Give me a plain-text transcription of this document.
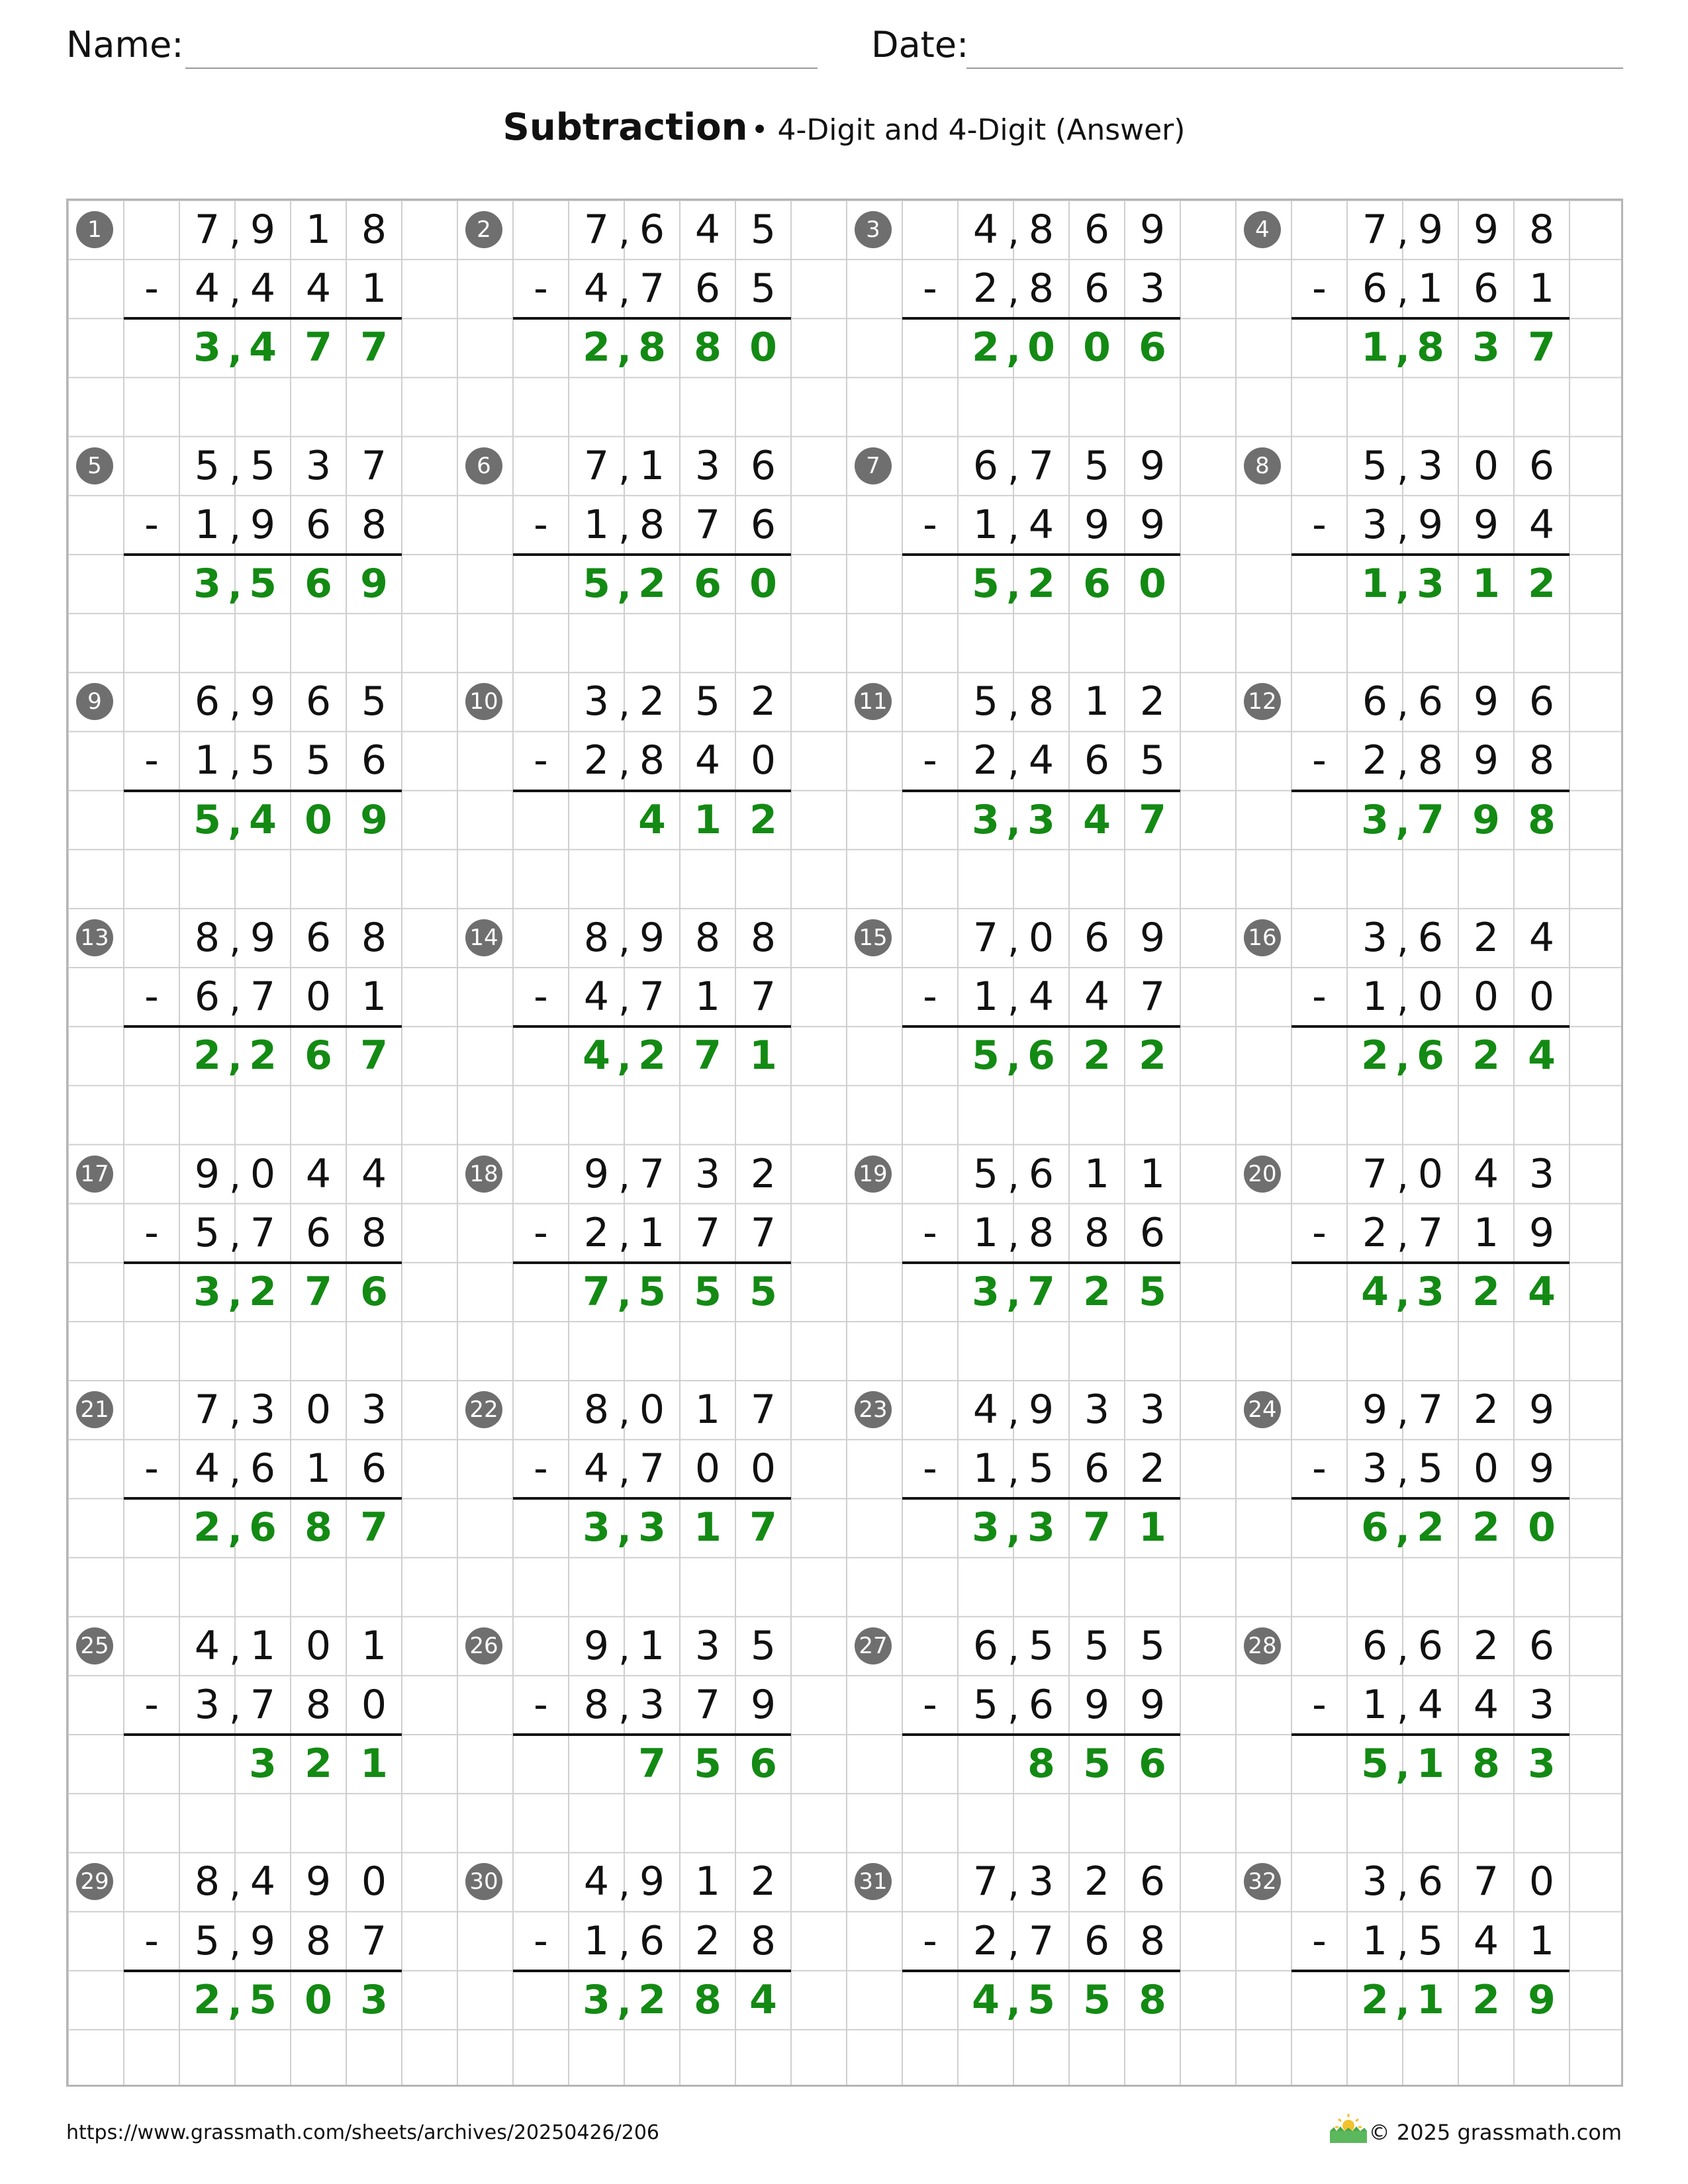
Name:	Date:
Subtraction • 4-Digit and 4-Digit (Answer)
1	7 9 1 8
,
- 4 4 4 1
,
3 4 7 7
,
2	7 6 4 5
,
- 4 7 6 5
,
2 8 8 0
,
3	4 8 6 9
,
- 2 8 6 3
,
2 0 0 6
,
4	7 9 9 8
,
- 6 1 6 1
,
1 8 3 7
,
5	5 5 3 7
,
- 1 9 6 8
,
3 5 6 9
,
6	7 1 3 6
,
- 1 8 7 6
,
5 2 6 0
,
7	6 7 5 9
,
- 1 4 9 9
,
5 2 6 0
,
8	5 3 0 6
,
- 3 9 9 4
,
1 3 1 2
,
9	6 9 6 5
,
- 1 5 5 6
,
5 4 0 9
,
10	3 2 5 2
,
- 2 8 4 0
,
4 1 2
11	5 8 1 2
,
- 2 4 6 5
,
3 3 4 7
,
12	6 6 9 6
,
- 2 8 9 8
,
3 7 9 8
,
13	8 9 6 8
,
- 6 7 0 1
,
2 2 6 7
,
14	8 9 8 8
,
- 4 7 1 7
,
4 2 7 1
,
15	7 0 6 9
,
- 1 4 4 7
,
5 6 2 2
,
16	3 6 2 4
,
- 1 0 0 0
,
2 6 2 4
,
17	9 0 4 4
,
- 5 7 6 8
,
3 2 7 6
,
18	9 7 3 2
,
- 2 1 7 7
,
7 5 5 5
,
19	5 6 1 1
,
- 1 8 8 6
,
3 7 2 5
,
20	7 0 4 3
,
- 2 7 1 9
,
4 3 2 4
,
21	7 3 0 3
,
- 4 6 1 6
,
2 6 8 7
,
22	8 0 1 7
,
- 4 7 0 0
,
3 3 1 7
,
23	4 9 3 3
,
- 1 5 6 2
,
3 3 7 1
,
24	9 7 2 9
,
- 3 5 0 9
,
6 2 2 0
,
25	4 1 0 1
,
- 3 7 8 0
,
3 2 1
26	9 1 3 5
,
- 8 3 7 9
,
7 5 6
27	6 5 5 5
,
- 5 6 9 9
,
8 5 6
28	6 6 2 6
,
- 1 4 4 3
,
5 1 8 3
,
29	8 4 9 0
,
- 5 9 8 7
,
2 5 0 3
,
30	4 9 1 2
,
- 1 6 2 8
,
3 2 8 4
,
31	7 3 2 6
,
- 2 7 6 8
,
4 5 5 8
,
32	3 6 7 0
,
- 1 5 4 1
,
2 1 2 9
,
https://www.grassmath.com/sheets/archives/20250426/206	© 2025 grassmath.com
